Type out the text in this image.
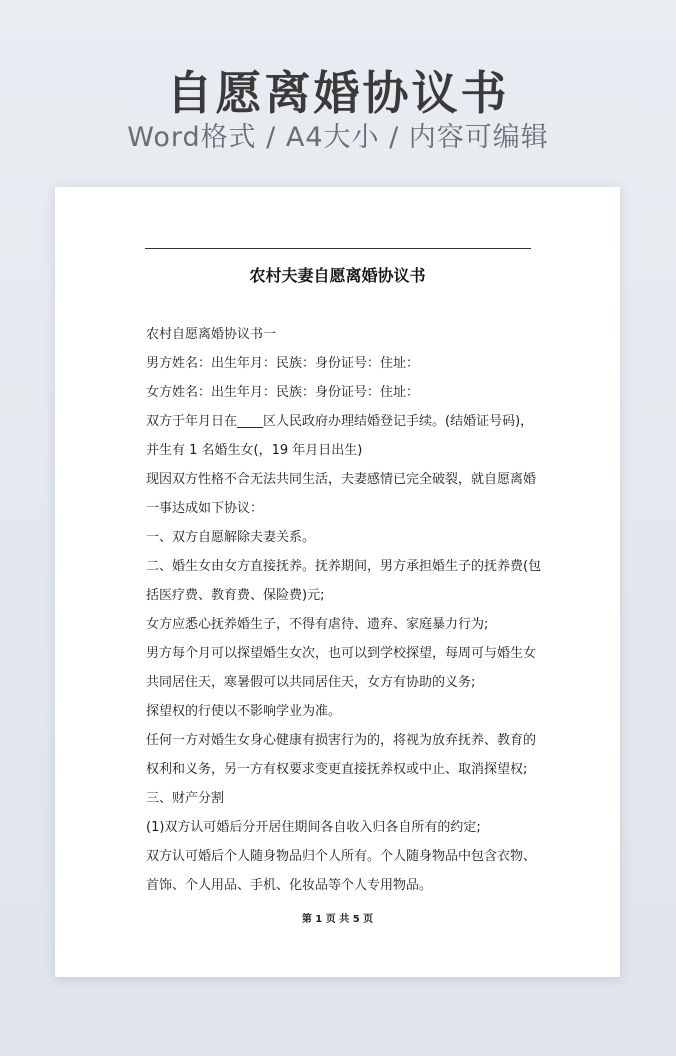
自愿离婚协议书
Word格式 / A4大小 / 内容可编辑
农村夫妻自愿离婚协议书
农村自愿离婚协议书一
男方姓名：出生年月：民族：身份证号：住址：
女方姓名：出生年月：民族：身份证号：住址：
双方于年月日在____区人民政府办理结婚登记手续。(结婚证号码)，
并生有 1 名婚生女(，19 年月日出生)
现因双方性格不合无法共同生活，夫妻感情已完全破裂，就自愿离婚
一事达成如下协议：
一、双方自愿解除夫妻关系。
二、婚生女由女方直接抚养。抚养期间，男方承担婚生子的抚养费(包
括医疗费、教育费、保险费)元;
女方应悉心抚养婚生子，不得有虐待、遗弃、家庭暴力行为;
男方每个月可以探望婚生女次，也可以到学校探望，每周可与婚生女
共同居住天，寒暑假可以共同居住天，女方有协助的义务;
探望权的行使以不影响学业为准。
任何一方对婚生女身心健康有损害行为的，将视为放弃抚养、教育的
权利和义务，另一方有权要求变更直接抚养权或中止、取消探望权;
三、财产分割
(1)双方认可婚后分开居住期间各自收入归各自所有的约定;
双方认可婚后个人随身物品归个人所有。个人随身物品中包含衣物、
首饰、个人用品、手机、化妆品等个人专用物品。
第 1 页 共 5 页
